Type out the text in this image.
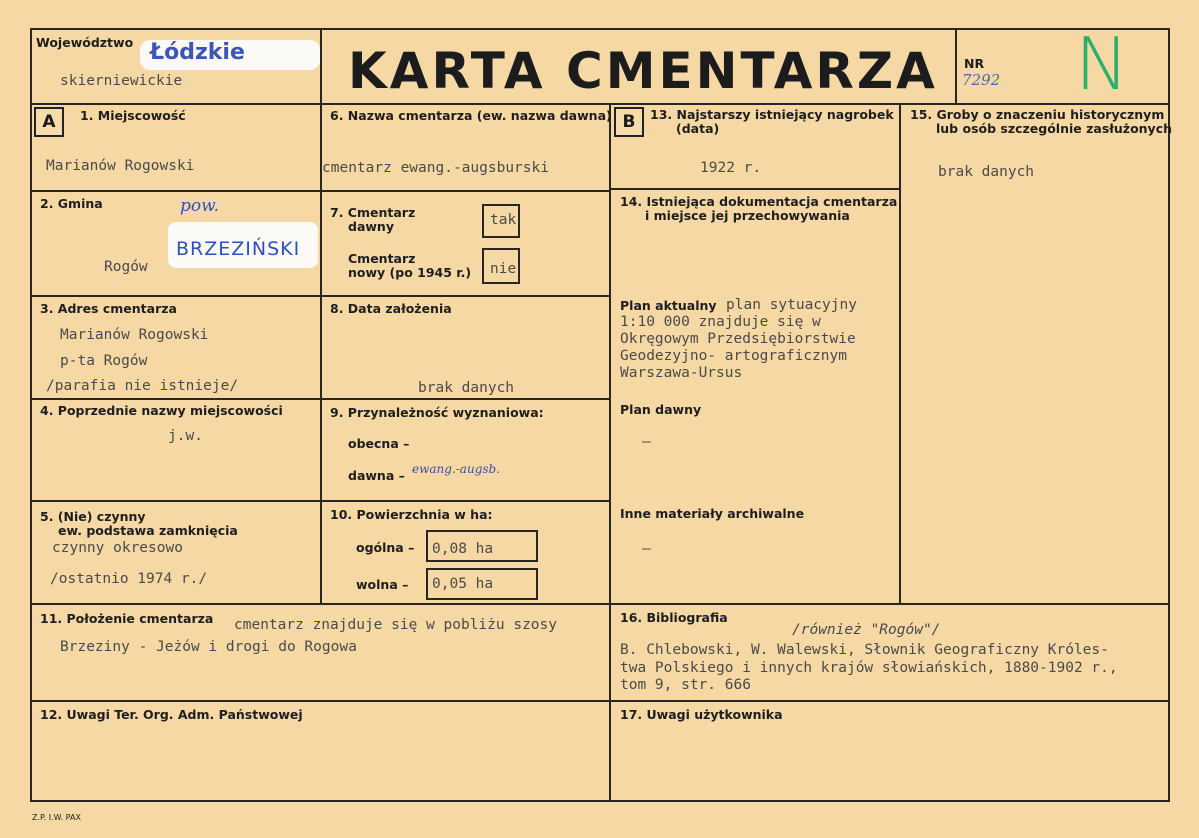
Województwo Łódzkie
skierniewickie	KARTA CMENTARZA NR
7292 N
A	B
1. Miejscowość
Marianów Rogowski
2. Gmina
Rogów
pow.
BRZEZIŃSKI
3. Adres cmentarza
Marianów Rogowski
p-ta Rogów
/parafia nie istnieje/
4. Poprzednie nazwy miejscowości
j.w.
5. (Nie) czynny
ew. podstawa zamknięcia
czynny okresowo
/ostatnio 1974 r./
6. Nazwa cmentarza (ew. nazwa dawna)
cmentarz ewang.-augsburski
7. Cmentarz
dawny	tak
Cmentarz
nowy (po 1945 r.) nie
8. Data założenia
brak danych
9. Przynależność wyznaniowa:
obecna –
dawna – ewang.-augsb.
10. Powierzchnia w ha:
ogólna – 0,08 ha
wolna – 0,05 ha
11. Położenie cmentarza cmentarz znajduje się w pobliżu szosy
Brzeziny - Jeżów i drogi do Rogowa
12. Uwagi Ter. Org. Adm. Państwowej
13. Najstarszy istniejący nagrobek
(data)
1922 r.
14. Istniejąca dokumentacja cmentarza
i miejsce jej przechowywania
Plan aktualny plan sytuacyjny
1:10 000 znajduje się w
Okręgowym Przedsiębiorstwie
Geodezyjno- artograficznym
Warszawa-Ursus
Plan dawny
–
Inne materiały archiwalne
–
15. Groby o znaczeniu historycznym
lub osób szczególnie zasłużonych
brak danych
16. Bibliografia
/również "Rogów"/
B. Chlebowski, W. Walewski, Słownik Geograficzny Króles-
twa Polskiego i innych krajów słowiańskich, 1880-1902 r.,
tom 9, str. 666
17. Uwagi użytkownika
Z.P. I.W. PAX
